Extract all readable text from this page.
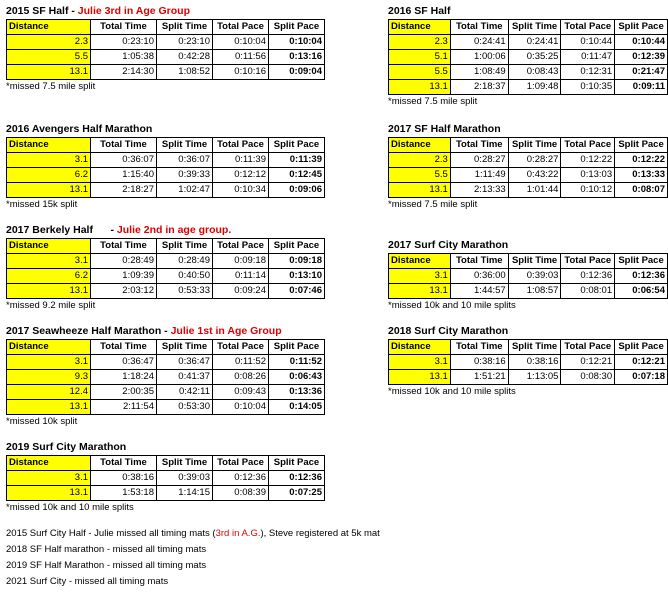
2015 SF Half - Julie 3rd in Age Group
Distance	Total Time	Split Time	Total Pace	Split Pace
2.3	0:23:10	0:23:10	0:10:04	0:10:04
5.5	1:05:38	0:42:28	0:11:56	0:13:16
13.1	2:14:30	1:08:52	0:10:16	0:09:04
*missed 7.5 mile split
2016 SF Half
Distance	Total Time	Split Time	Total Pace	Split Pace
2.3	0:24:41	0:24:41	0:10:44	0:10:44
5.1	1:00:06	0:35:25	0:11:47	0:12:39
5.5	1:08:49	0:08:43	0:12:31	0:21:47
13.1	2:18:37	1:09:48	0:10:35	0:09:11
*missed 7.5 mile split
2016 Avengers Half Marathon
Distance	Total Time	Split Time	Total Pace	Split Pace
3.1	0:36:07	0:36:07	0:11:39	0:11:39
6.2	1:15:40	0:39:33	0:12:12	0:12:45
13.1	2:18:27	1:02:47	0:10:34	0:09:06
*missed 15k split
2017 SF Half Marathon
Distance	Total Time	Split Time	Total Pace	Split Pace
2.3	0:28:27	0:28:27	0:12:22	0:12:22
5.5	1:11:49	0:43:22	0:13:03	0:13:33
13.1	2:13:33	1:01:44	0:10:12	0:08:07
*missed 7.5 mile split
2017 Berkely Half      - Julie 2nd in age group.
Distance	Total Time	Split Time	Total Pace	Split Pace
3.1	0:28:49	0:28:49	0:09:18	0:09:18
6.2	1:09:39	0:40:50	0:11:14	0:13:10
13.1	2:03:12	0:53:33	0:09:24	0:07:46
*missed 9.2 mile split
2017 Surf City Marathon
Distance	Total Time	Split Time	Total Pace	Split Pace
3.1	0:36:00	0:39:03	0:12:36	0:12:36
13.1	1:44:57	1:08:57	0:08:01	0:06:54
*missed 10k and 10 mile splits
2017 Seawheeze Half Marathon - Julie 1st in Age Group
Distance	Total Time	Split Time	Total Pace	Split Pace
3.1	0:36:47	0:36:47	0:11:52	0:11:52
9.3	1:18:24	0:41:37	0:08:26	0:06:43
12.4	2:00:35	0:42:11	0:09:43	0:13:36
13.1	2:11:54	0:53:30	0:10:04	0:14:05
*missed 10k split
2018 Surf City Marathon
Distance	Total Time	Split Time	Total Pace	Split Pace
3.1	0:38:16	0:38:16	0:12:21	0:12:21
13.1	1:51:21	1:13:05	0:08:30	0:07:18
*missed 10k and 10 mile splits
2019 Surf City Marathon
Distance	Total Time	Split Time	Total Pace	Split Pace
3.1	0:38:16	0:39:03	0:12:36	0:12:36
13.1	1:53:18	1:14:15	0:08:39	0:07:25
*missed 10k and 10 mile splits
2015 Surf City Half - Julie missed all timing mats (3rd in A.G.), Steve registered at 5k mat
2018 SF Half marathon - missed all timing mats
2019 SF Half Marathon - missed all timing mats
2021 Surf City - missed all timing mats
